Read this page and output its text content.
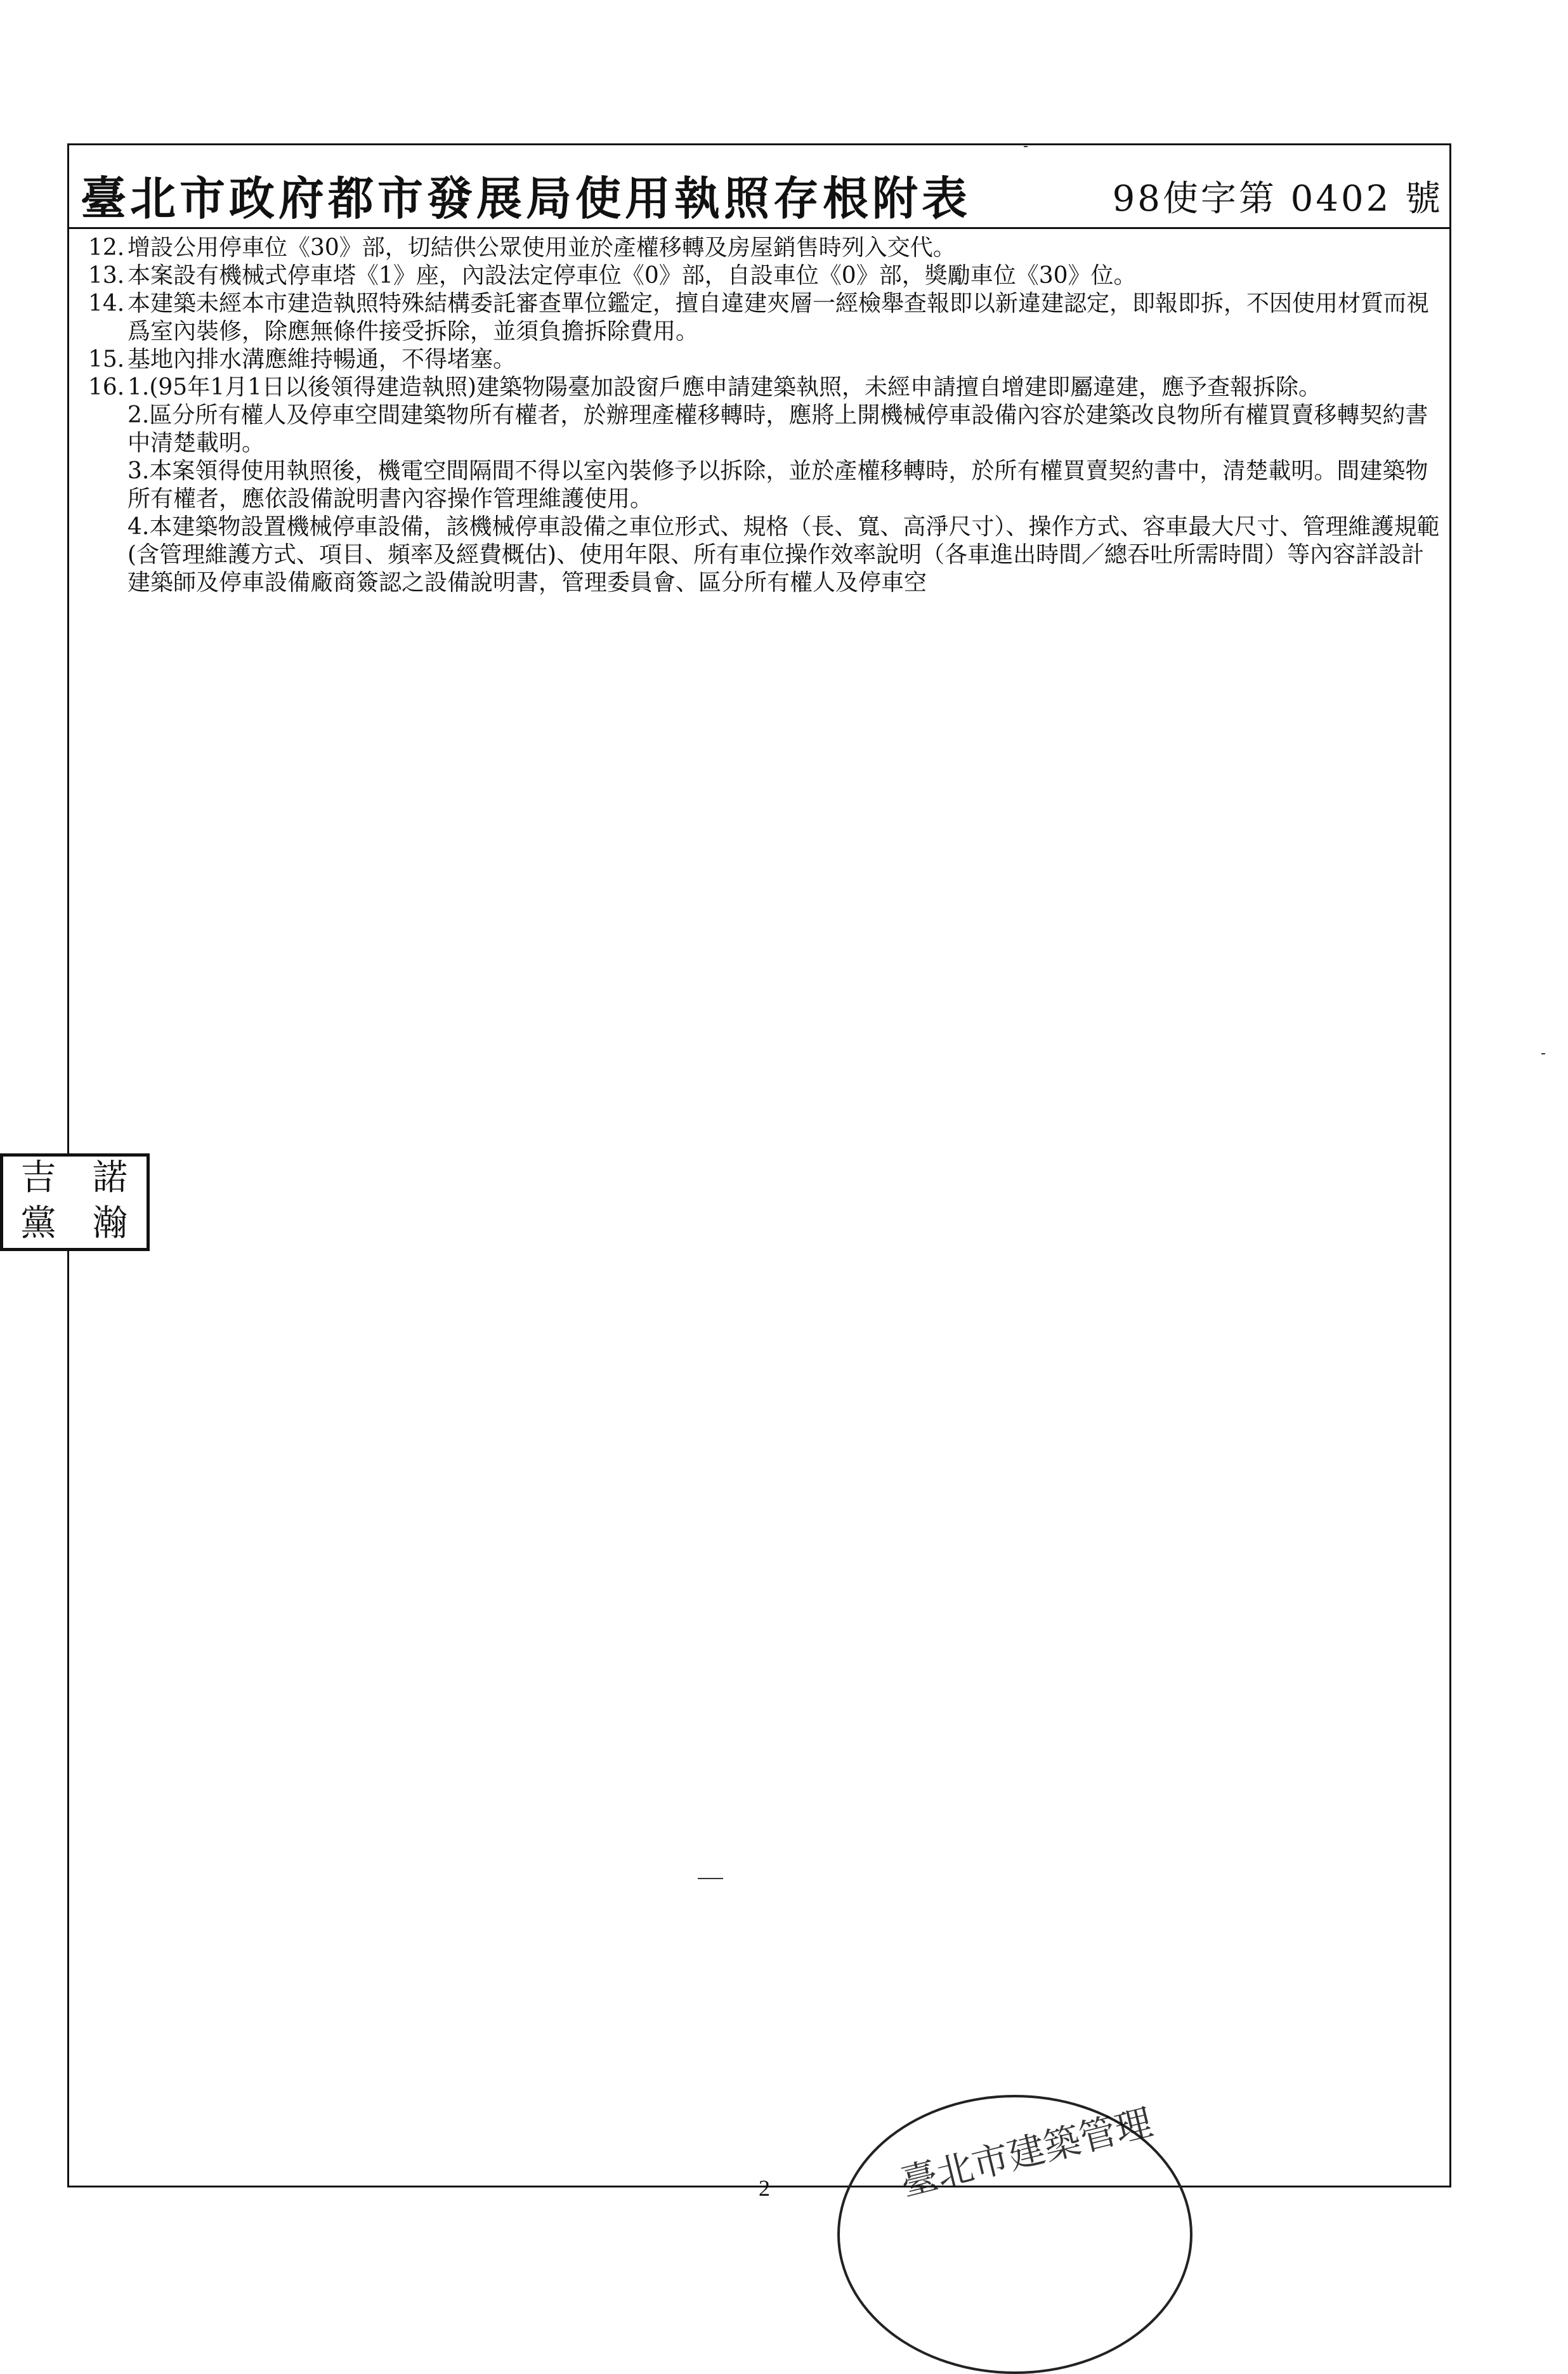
臺北市政府都市發展局使用執照存根附表	98使字第 0402 號
12. 增設公用停車位《30》部，切結供公眾使用並於產權移轉及房屋銷售時列入交代。

13. 本案設有機械式停車塔《1》座，內設法定停車位《0》部，自設車位《0》部，獎勵車位《30》位。

14. 本建築未經本市建造執照特殊結構委託審查單位鑑定，擅自違建夾層一經檢舉查報即以新違建認定，即報即拆，不因使用材質而視爲室內裝修，除應無條件接受拆除，並須負擔拆除費用。

15. 基地內排水溝應維持暢通，不得堵塞。

16. 1.(95年1月1日以後領得建造執照)建築物陽臺加設窗戶應申請建築執照，未經申請擅自增建即屬違建，應予查報拆除。

2.區分所有權人及停車空間建築物所有權者，於辦理產權移轉時，應將上開機械停車設備內容於建築改良物所有權買賣移轉契約書中清楚載明。

3.本案領得使用執照後，機電空間隔間不得以室內裝修予以拆除，並於產權移轉時，於所有權買賣契約書中，清楚載明。間建築物所有權者，應依設備說明書內容操作管理維護使用。

4.本建築物設置機械停車設備，該機械停車設備之車位形式、規格（長、寬、高淨尺寸）、操作方式、容車最大尺寸、管理維護規範(含管理維護方式、項目、頻率及經費概估)、使用年限、所有車位操作效率說明（各車進出時間／總吞吐所需時間）等內容詳設計建築師及停車設備廠商簽認之設備說明書，管理委員會、區分所有權人及停車空

吉 諾
黨 瀚
2	臺北市建築管理
